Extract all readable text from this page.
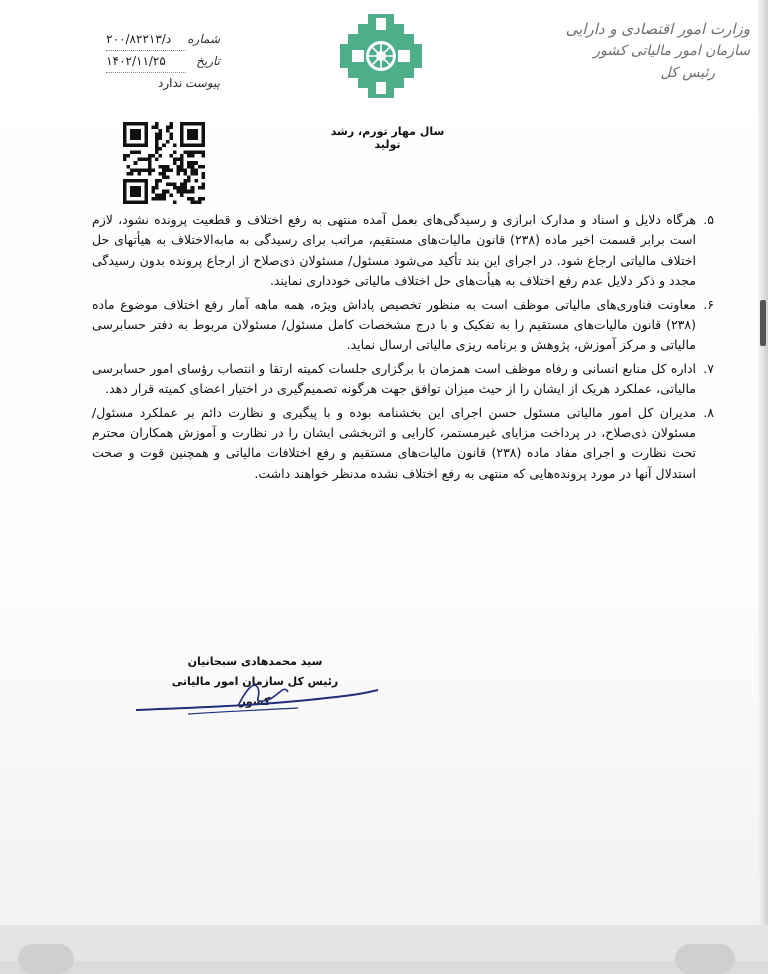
وزارت امور اقتصادی و دارایی
سازمان امور مالیاتی کشور
رئیس کل
شماره د/۲۰۰/۸۲۲۱۳
تاریخ ۱۴۰۲/۱۱/۲۵
پیوست ندارد
سال مهار تورم، رشد تولید
۵.
هرگاه دلایل و اسناد و مدارک ابرازی و رسیدگی‌های بعمل آمده منتهی به رفع اختلاف و قطعیت پرونده نشود، لازم است برابر قسمت اخیر ماده (۲۳۸) قانون مالیات‌های مستقیم، مراتب برای رسیدگی به مابه‌الاختلاف به هیأتهای حل اختلاف مالیاتی ارجاع شود. در اجرای این بند تأکید می‌شود مسئول/ مسئولان ذی‌صلاح از ارجاع پرونده بدون رسیدگی مجدد و ذکر دلایل عدم رفع اختلاف به هیأت‌های حل اختلاف مالیاتی خودداری نمایند.
۶.
معاونت فناوری‌های مالیاتی موظف است به منظور تخصیص پاداش ویژه، همه ماهه آمار رفع اختلاف موضوع ماده (۲۳۸) قانون مالیات‌های مستقیم را به تفکیک و با درج مشخصات کامل مسئول/ مسئولان مربوط به دفتر حسابرسی مالیاتی و مرکز آموزش، پژوهش و برنامه ریزی مالیاتی ارسال نماید.
۷.
اداره کل منابع انسانی و رفاه موظف است همزمان با برگزاری جلسات کمیته ارتقا و انتصاب رؤسای امور حسابرسی مالیاتی، عملکرد هریک از ایشان را از حیث میزان توافق جهت هرگونه تصمیم‌گیری در اختیار اعضای کمیته قرار دهد.
۸.
مدیران کل امور مالیاتی مسئول حسن اجرای این بخشنامه بوده و با پیگیری و نظارت دائم بر عملکرد مسئول/ مسئولان ذی‌صلاح، در پرداخت مزایای غیرمستمر، کارایی و اثربخشی ایشان را در نظارت و آموزش همکاران محترم تحت نظارت و اجرای مفاد ماده (۲۳۸) قانون مالیات‌های مستقیم و رفع اختلافات مالیاتی و همچنین قوت و صحت استدلال آنها در مورد پرونده‌هایی که منتهی به رفع اختلاف نشده مدنظر خواهند داشت.
سید محمدهادی سبحانیان
رئیس کل سازمان امور مالیاتی کشور
